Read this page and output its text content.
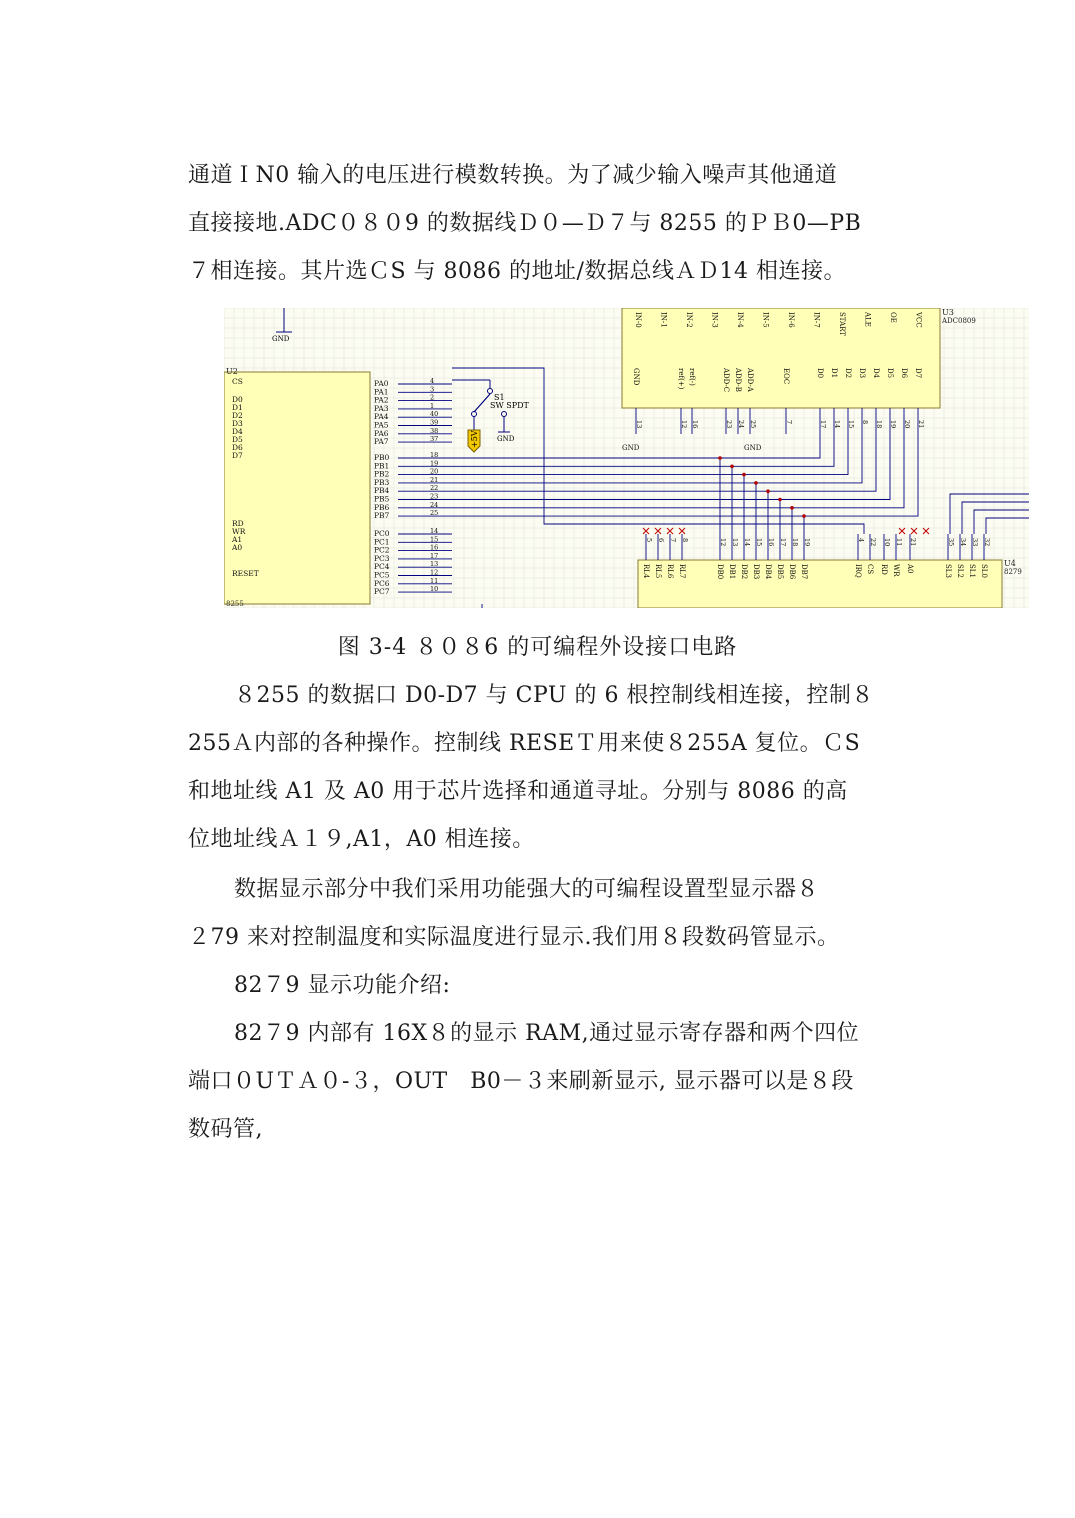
通道ＩN0 输入的电压进行模数转换。为了减少输入噪声其他通道
直接接地.ADC０８０9 的数据线Ｄ０—Ｄ７与 8255 的ＰＢ0—PB
７相连接。其片选ＣS 与 8086 的地址/数据总线ＡＤ14 相连接。
U2
8255
CS
D0
D1
D2
D3
D4
D5
D6
D7
RD
WR
A1
A0
RESET
PA0	4
PA1	3
PA2	2
PA3	1
PA4	40
PA5	39
PA6	38
PA7	37
PB0	18
PB1	19
PB2	20
PB3	21
PB4	22
PB5	23
PB6	24
PB7	25
PC0	14
PC1	15
PC2	16
PC3	17
PC4	13
PC5	12
PC6	11
PC7	10
U3
ADC0809
IN-0	IN-1	IN-2	IN-3	IN-4	IN-5	IN-6	IN-7	START	ALE	OE	VCC
GND
13
ref(+)
12
ref(-)
16
ADD-C
23
ADD-B
24
ADD-A
25
EOC
7
D0
17
D1
14
D2
15
D3
8
D4
18
D5
19
D6
20
D7
21
GND	GND
U4
8279
5
RL4
6
RL5
7
RL6
8
RL7
12
DB0
13
DB1
14
DB2
15
DB3
16
DB4
17
DB5
18
DB6
19
DB7
4
IRQ
22
CS
10
RD
11
WR
21
A0
35
SL3
34
SL2
33
SL1
32
SL0
S1
SW SPDT
+5V	GND
GND
图 3-4 ８０８6 的可编程外设接口电路
８255 的数据口 D0-D7 与 CPU 的 6 根控制线相连接，控制８
255Ａ内部的各种操作。控制线 RESEＴ用来使８255A 复位。ＣS
和地址线 A1 及 A0 用于芯片选择和通道寻址。分别与 8086 的高
位地址线Ａ１９,A1，A0 相连接。
数据显示部分中我们采用功能强大的可编程设置型显示器８
２79 来对控制温度和实际温度进行显示.我们用８段数码管显示。
82７9 显示功能介绍:
82７9 内部有 16X８的显示 RAM,通过显示寄存器和两个四位
端口０UＴＡ０-３，OUT　B0－３来刷新显示, 显示器可以是８段
数码管,
